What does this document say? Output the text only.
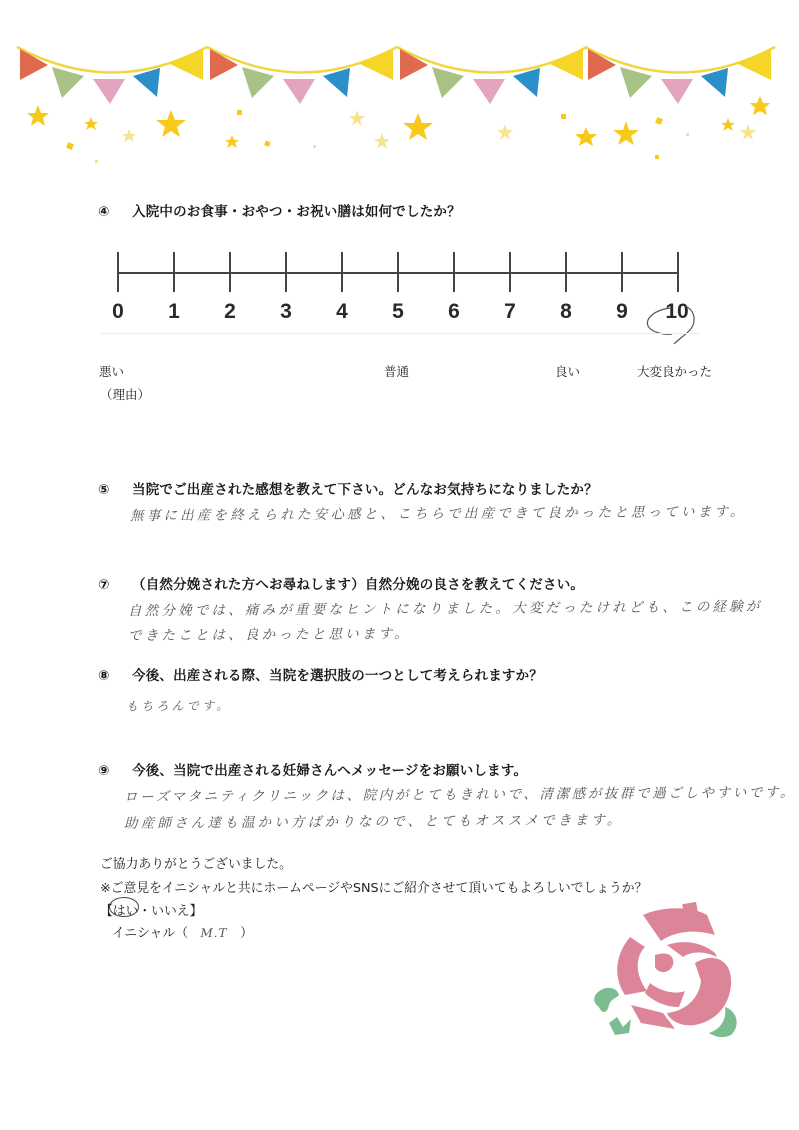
④ 入院中のお食事・おやつ・お祝い膳は如何でしたか？
0 1 2 3 4 5 6 7 8 9 10
悪い	普通	良い	大変良かった
（理由）
⑤ 当院でご出産された感想を教えて下さい。どんなお気持ちになりましたか？
無事に出産を終えられた安心感と、こちらで出産できて良かったと思っています。
⑦ （自然分娩された方へお尋ねします）自然分娩の良さを教えてください。
自然分娩では、痛みが重要なヒントになりました。大変だったけれども、この経験が
できたことは、良かったと思います。
⑧ 今後、出産される際、当院を選択肢の一つとして考えられますか？
もちろんです。
⑨ 今後、当院で出産される妊婦さんへメッセージをお願いします。
ローズマタニティクリニックは、院内がとてもきれいで、清潔感が抜群で過ごしやすいです。
助産師さん達も温かい方ばかりなので、とてもオススメできます。
ご協力ありがとうございました。
※ご意見をイニシャルと共にホームページやSNSにご紹介させて頂いてもよろしいでしょうか？
【はい
・いいえ】
イニシャル（ M.T ）
